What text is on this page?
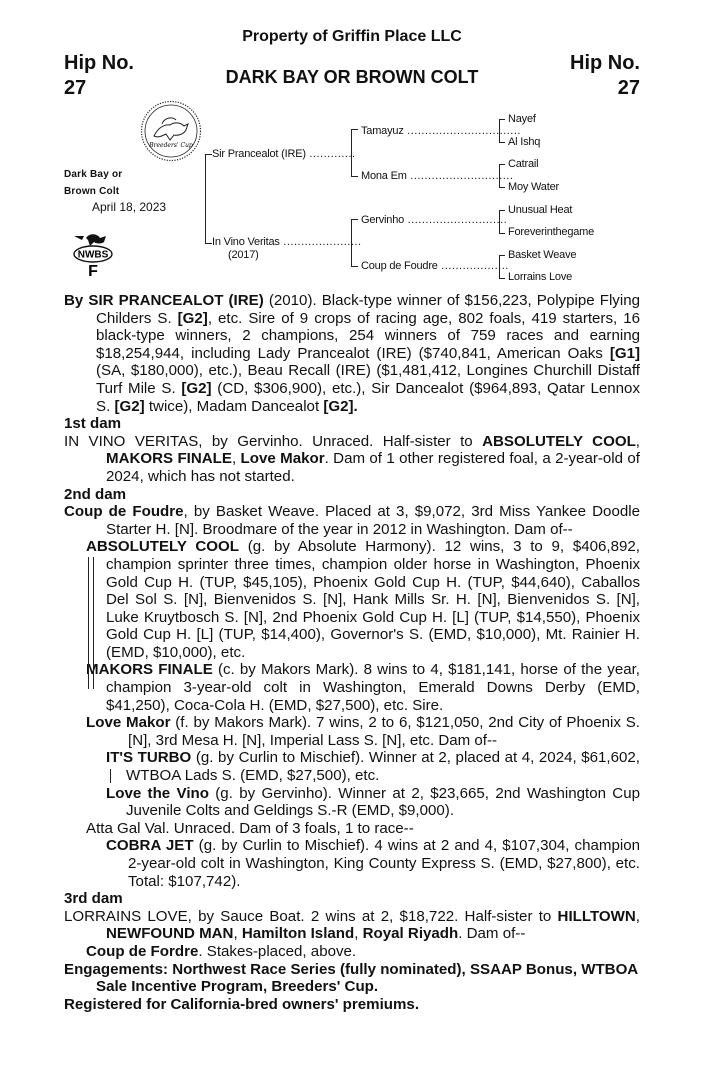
Property of Griffin Place LLC
Hip No.
27
Hip No.
27
DARK BAY OR BROWN COLT
Breeders' Cup
Dark Bay or
Brown Colt
April 18, 2023
NWBS
F
Sir Prancealot (IRE) .............
In Vino Veritas ......................
(2017)
Tamayuz ................................
Mona Em .............................
Gervinho ............................
Coup de Foudre ...................
Nayef
Al Ishq
Catrail
Moy Water
Unusual Heat
Foreverinthegame
Basket Weave
Lorrains Love

By SIR PRANCEALOT (IRE) (2010). Black-type winner of $156,223, Polypipe Flying Childers S. [G2], etc. Sire of 9 crops of racing age, 802 foals, 419 starters, 16 black-type winners, 2 champions, 254 winners of 759 races and earning $18,254,944, including Lady Prancealot (IRE) ($740,841, American Oaks [G1] (SA, $180,000), etc.), Beau Recall (IRE) ($1,481,412, Longines Churchill Distaff Turf Mile S. [G2] (CD, $306,900), etc.), Sir Dancealot ($964,893, Qatar Lennox S. [G2] twice), Madam Dancealot [G2].

1st dam

IN VINO VERITAS, by Gervinho. Unraced. Half-sister to ABSOLUTELY COOL, MAKORS FINALE, Love Makor. Dam of 1 other registered foal, a 2-year-old of 2024, which has not started.

2nd dam

Coup de Foudre, by Basket Weave. Placed at 3, $9,072, 3rd Miss Yankee Doodle Starter H. [N]. Broodmare of the year in 2012 in Washington. Dam of--

ABSOLUTELY COOL (g. by Absolute Harmony). 12 wins, 3 to 9, $406,892, champion sprinter three times, champion older horse in Washington, Phoenix Gold Cup H. (TUP, $45,105), Phoenix Gold Cup H. (TUP, $44,640), Caballos Del Sol S. [N], Bienvenidos S. [N], Hank Mills Sr. H. [N], Bienvenidos S. [N], Luke Kruytbosch S. [N], 2nd Phoenix Gold Cup H. [L] (TUP, $14,550), Phoenix Gold Cup H. [L] (TUP, $14,400), Governor's S. (EMD, $10,000), Mt. Rainier H. (EMD, $10,000), etc.

MAKORS FINALE (c. by Makors Mark). 8 wins to 4, $181,141, horse of the year, champion 3-year-old colt in Washington, Emerald Downs Derby (EMD, $41,250), Coca-Cola H. (EMD, $27,500), etc. Sire.

Love Makor (f. by Makors Mark). 7 wins, 2 to 6, $121,050, 2nd City of Phoenix S. [N], 3rd Mesa H. [N], Imperial Lass S. [N], etc. Dam of--

IT'S TURBO (g. by Curlin to Mischief). Winner at 2, placed at 4, 2024, $61,602, WTBOA Lads S. (EMD, $27,500), etc.

Love the Vino (g. by Gervinho). Winner at 2, $23,665, 2nd Washington Cup Juvenile Colts and Geldings S.-R (EMD, $9,000).

Atta Gal Val. Unraced. Dam of 3 foals, 1 to race--

COBRA JET (g. by Curlin to Mischief). 4 wins at 2 and 4, $107,304, champion 2-year-old colt in Washington, King County Express S. (EMD, $27,800), etc. Total: $107,742).

3rd dam

LORRAINS LOVE, by Sauce Boat. 2 wins at 2, $18,722. Half-sister to HILLTOWN, NEWFOUND MAN, Hamilton Island, Royal Riyadh. Dam of--

Coup de Fordre. Stakes-placed, above.

Engagements: Northwest Race Series (fully nominated), SSAAP Bonus, WTBOA Sale Incentive Program, Breeders' Cup.

Registered for California-bred owners' premiums.
